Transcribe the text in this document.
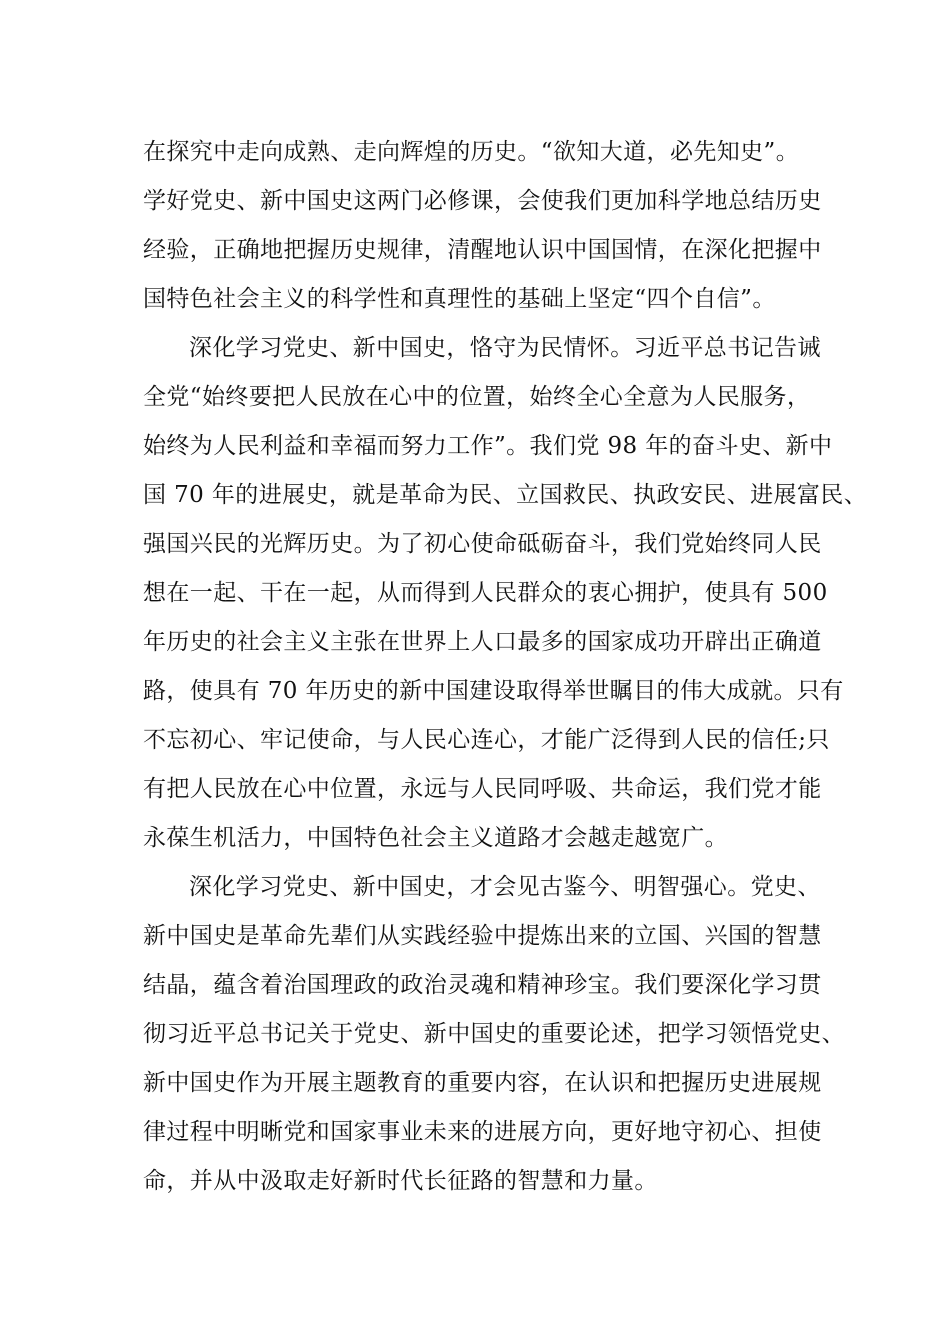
在探究中走向成熟、走向辉煌的历史。“欲知大道，必先知史”。
学好党史、新中国史这两门必修课，会使我们更加科学地总结历史
经验，正确地把握历史规律，清醒地认识中国国情，在深化把握中
国特色社会主义的科学性和真理性的基础上坚定“四个自信”。
深化学习党史、新中国史，恪守为民情怀。习近平总书记告诫
全党“始终要把人民放在心中的位置，始终全心全意为人民服务，
始终为人民利益和幸福而努力工作”。我们党 98 年的奋斗史、新中
国 70 年的进展史，就是革命为民、立国救民、执政安民、进展富民、
强国兴民的光辉历史。为了初心使命砥砺奋斗，我们党始终同人民
想在一起、干在一起，从而得到人民群众的衷心拥护，使具有 500
年历史的社会主义主张在世界上人口最多的国家成功开辟出正确道
路，使具有 70 年历史的新中国建设取得举世瞩目的伟大成就。只有
不忘初心、牢记使命，与人民心连心，才能广泛得到人民的信任;只
有把人民放在心中位置，永远与人民同呼吸、共命运，我们党才能
永葆生机活力，中国特色社会主义道路才会越走越宽广。
深化学习党史、新中国史，才会见古鉴今、明智强心。党史、
新中国史是革命先辈们从实践经验中提炼出来的立国、兴国的智慧
结晶，蕴含着治国理政的政治灵魂和精神珍宝。我们要深化学习贯
彻习近平总书记关于党史、新中国史的重要论述，把学习领悟党史、
新中国史作为开展主题教育的重要内容，在认识和把握历史进展规
律过程中明晰党和国家事业未来的进展方向，更好地守初心、担使
命，并从中汲取走好新时代长征路的智慧和力量。
